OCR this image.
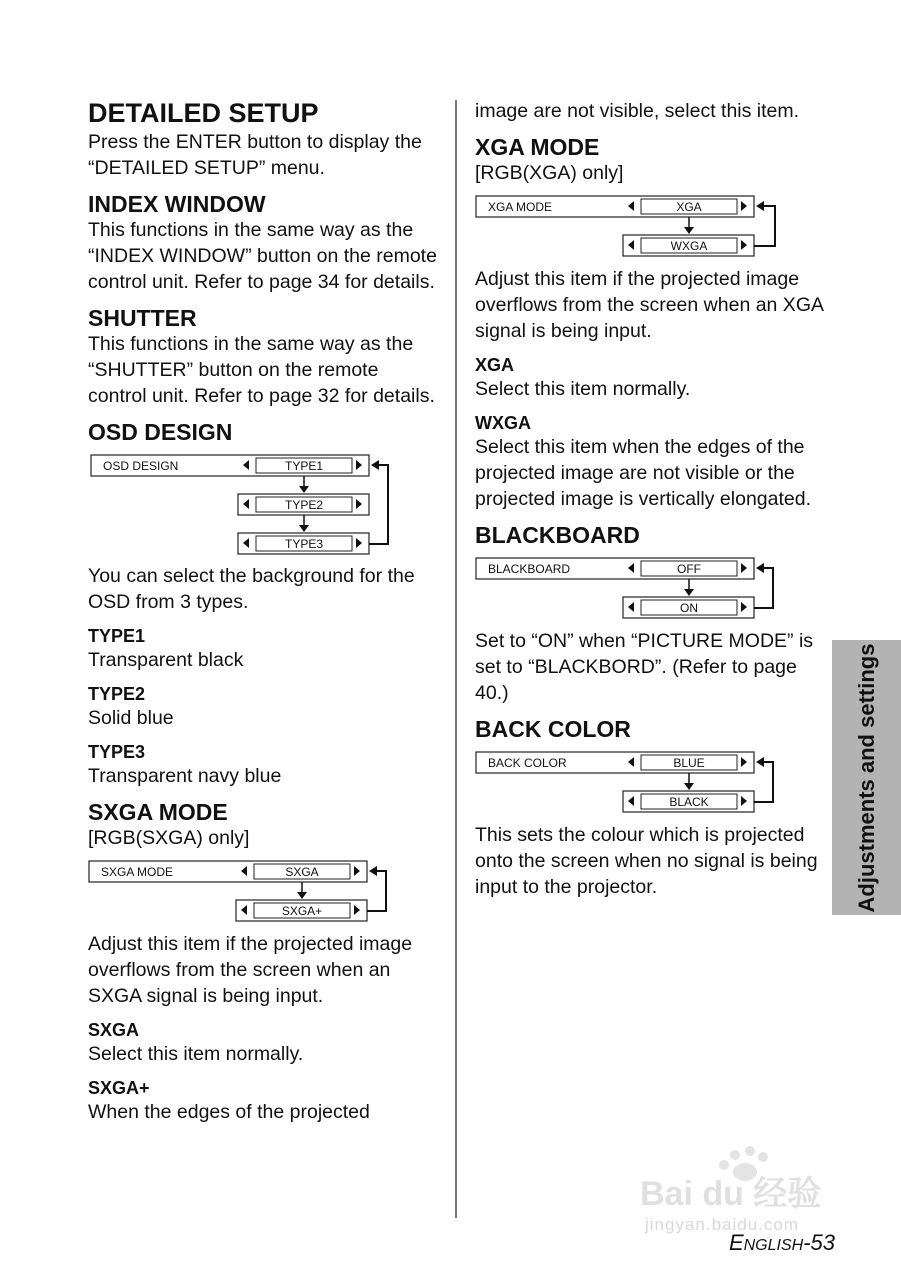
DETAILED SETUP

Press the ENTER button to display the “DETAILED SETUP” menu.

INDEX WINDOW

This functions in the same way as the “INDEX WINDOW” button on the remote control unit. Refer to page 34 for details.

SHUTTER

This functions in the same way as the “SHUTTER” button on the remote control unit. Refer to page 32 for details.

OSD DESIGN
OSD DESIGN	TYPE1
TYPE2
TYPE3

You can select the background for the OSD from 3 types.

TYPE1

Transparent black

TYPE2

Solid blue

TYPE3

Transparent navy blue

SXGA MODE

[RGB(SXGA) only]

SXGA MODE	SXGA
SXGA+

Adjust this item if the projected image overflows from the screen when an SXGA signal is being input.

SXGA

Select this item normally.

SXGA+

When the edges of the projected

image are not visible, select this item.

XGA MODE

[RGB(XGA) only]

XGA MODE	XGA
WXGA

Adjust this item if the projected image overflows from the screen when an XGA signal is being input.

XGA

Select this item normally.

WXGA

Select this item when the edges of the projected image are not visible or the projected image is vertically elongated.

BLACKBOARD
BLACKBOARD	OFF
ON

Set to “ON” when “PICTURE MODE” is set to “BLACKBORD”. (Refer to page 40.)

BACK COLOR
BACK COLOR	BLUE
BLACK

This sets the colour which is projected onto the screen when no signal is being input to the projector.	Adjustments and settings
Bai du 经验
jingyan.baidu.com
ENGLISH-53
